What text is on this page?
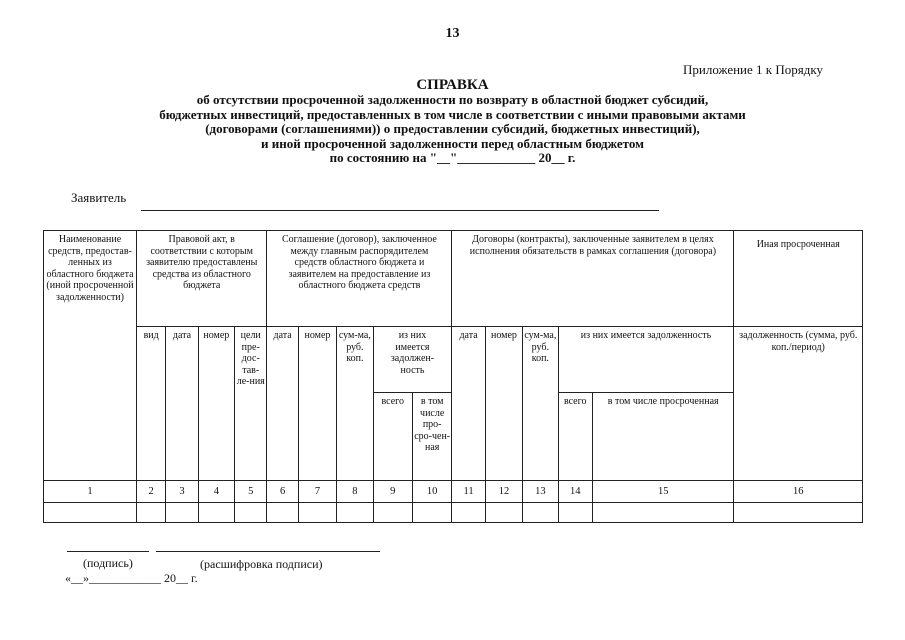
13
Приложение 1 к Порядку
СПРАВКА
об отсутствии просроченной задолженности по возврату в областной бюджет субсидий,
бюджетных инвестиций, предоставленных в том числе в соответствии с иными правовыми актами
(договорами (соглашениями)) о предоставлении субсидий, бюджетных инвестиций),
и иной просроченной задолженности перед областным бюджетом
по состоянию на "__"____________ 20__ г.
Заявитель
Наименование средств, предостав-ленных из областного бюджета (иной просроченной задолженности)	Правовой акт, в соответствии с которым заявителю предоставлены средства из областного бюджета				Соглашение (договор), заключенное между главным распорядителем средств областного бюджета и заявителем на предоставление из областного бюджета средств					Договоры (контракты), заключенные заявителем в целях исполнения обязательств в рамках соглашения (договора)					Иная просроченная
	вид	дата	номер	цели пре-дос-тав-ле-ния	дата	номер	сум-ма, руб. коп.	из них имеется задолжен-ность		дата	номер	сум-ма, руб. коп.	из них имеется задолженность		задолженность (сумма, руб. коп./период)
								всего	в том числе про-сро-чен-ная				всего	в том числе просроченная	
1	2	3	4	5	6	7	8	9	10	11	12	13	14	15	16

(подпись)	(расшифровка подписи)
«__»____________ 20__ г.
